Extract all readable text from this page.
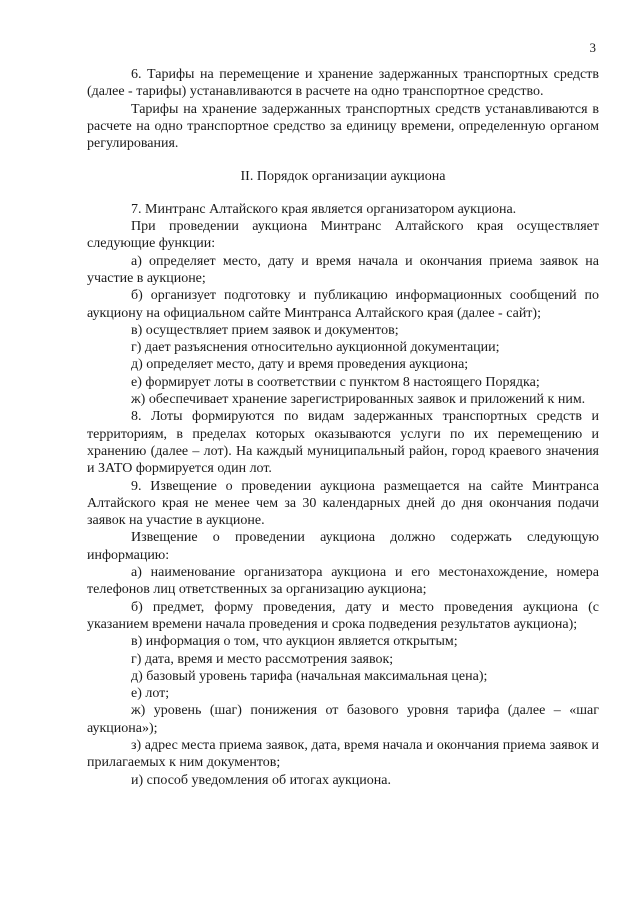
3

6. Тарифы на перемещение и хранение задержанных транспортных средств (далее - тарифы) устанавливаются в расчете на одно транспортное средство.

Тарифы на хранение задержанных транспортных средств устанавливаются в расчете на одно транспортное средство за единицу времени, определенную органом регулирования.

II. Порядок организации аукциона

7. Минтранс Алтайского края является организатором аукциона.

При проведении аукциона Минтранс Алтайского края осуществляет следующие функции:

а) определяет место, дату и время начала и окончания приема заявок на участие в аукционе;

б) организует подготовку и публикацию информационных сообщений по аукциону на официальном сайте Минтранса Алтайского края (далее - сайт);

в) осуществляет прием заявок и документов;

г) дает разъяснения относительно аукционной документации;

д) определяет место, дату и время проведения аукциона;

е) формирует лоты в соответствии с пунктом 8 настоящего Порядка;

ж) обеспечивает хранение зарегистрированных заявок и приложений к ним.

8. Лоты формируются по видам задержанных транспортных средств и территориям, в пределах которых оказываются услуги по их перемещению и хранению (далее – лот). На каждый муниципальный район, город краевого значения и ЗАТО формируется один лот.

9. Извещение о проведении аукциона размещается на сайте Минтранса Алтайского края не менее чем за 30 календарных дней до дня окончания подачи заявок на участие в аукционе.

Извещение о проведении аукциона должно содержать следующую информацию:

а) наименование организатора аукциона и его местонахождение, номера телефонов лиц ответственных за организацию аукциона;

б) предмет, форму проведения, дату и место проведения аукциона (с указанием времени начала проведения и срока подведения результатов аукциона);

в) информация о том, что аукцион является открытым;

г) дата, время и место рассмотрения заявок;

д) базовый уровень тарифа (начальная максимальная цена);

е) лот;

ж) уровень (шаг) понижения от базового уровня тарифа (далее – «шаг аукциона»);

з) адрес места приема заявок, дата, время начала и окончания приема заявок и прилагаемых к ним документов;

и) способ уведомления об итогах аукциона.
